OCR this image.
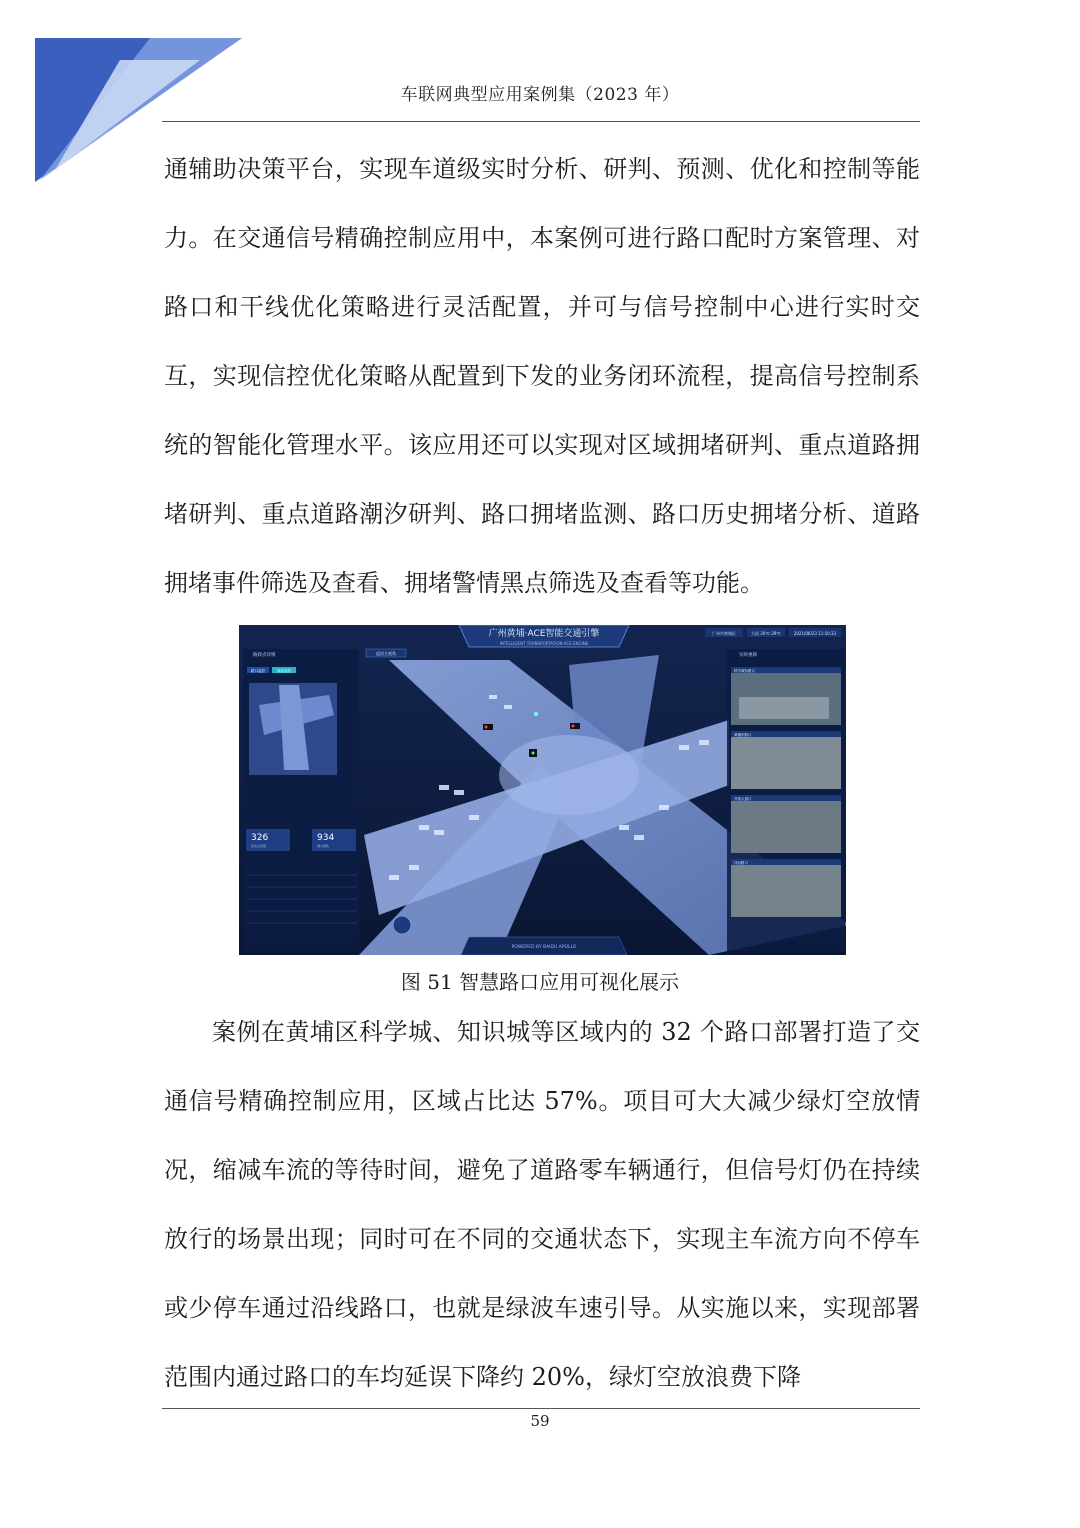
车联网典型应用案例集（2023 年）
通辅助决策平台，实现车道级实时分析、研判、预测、优化和控制等能力。在交通信号精确控制应用中，本案例可进行路口配时方案管理、对路口和干线优化策略进行灵活配置，并可与信号控制中心进行实时交互，实现信控优化策略从配置到下发的业务闭环流程，提高信号控制系统的智能化管理水平。该应用还可以实现对区域拥堵研判、重点道路拥堵研判、重点道路潮汐研判、路口拥堵监测、路口历史拥堵分析、道路拥堵事件筛选及查看、拥堵警情黑点筛选及查看等功能。
广州黄埔·ACE智能交通引擎
INTELLIGENT TRANSPORTATION ACE ENGINE
广州市黄埔区	大雨 20℃-29℃	2021/06/23 11:50:33
路段点详情
路口监控	绿波监控
326
优化总次数
934
减少排队
返回主视角	实时视频
科学城东路口
黄埔东路口
开泰大道口
伴河路口
POWERED BY BAIDU APOLLO
图 51 智慧路口应用可视化展示
案例在黄埔区科学城、知识城等区域内的 32 个路口部署打造了交通信号精确控制应用，区域占比达 57%。项目可大大减少绿灯空放情况，缩减车流的等待时间，避免了道路零车辆通行，但信号灯仍在持续放行的场景出现；同时可在不同的交通状态下，实现主车流方向不停车或少停车通过沿线路口，也就是绿波车速引导。从实施以来，实现部署范围内通过路口的车均延误下降约 20%，绿灯空放浪费下降
59
